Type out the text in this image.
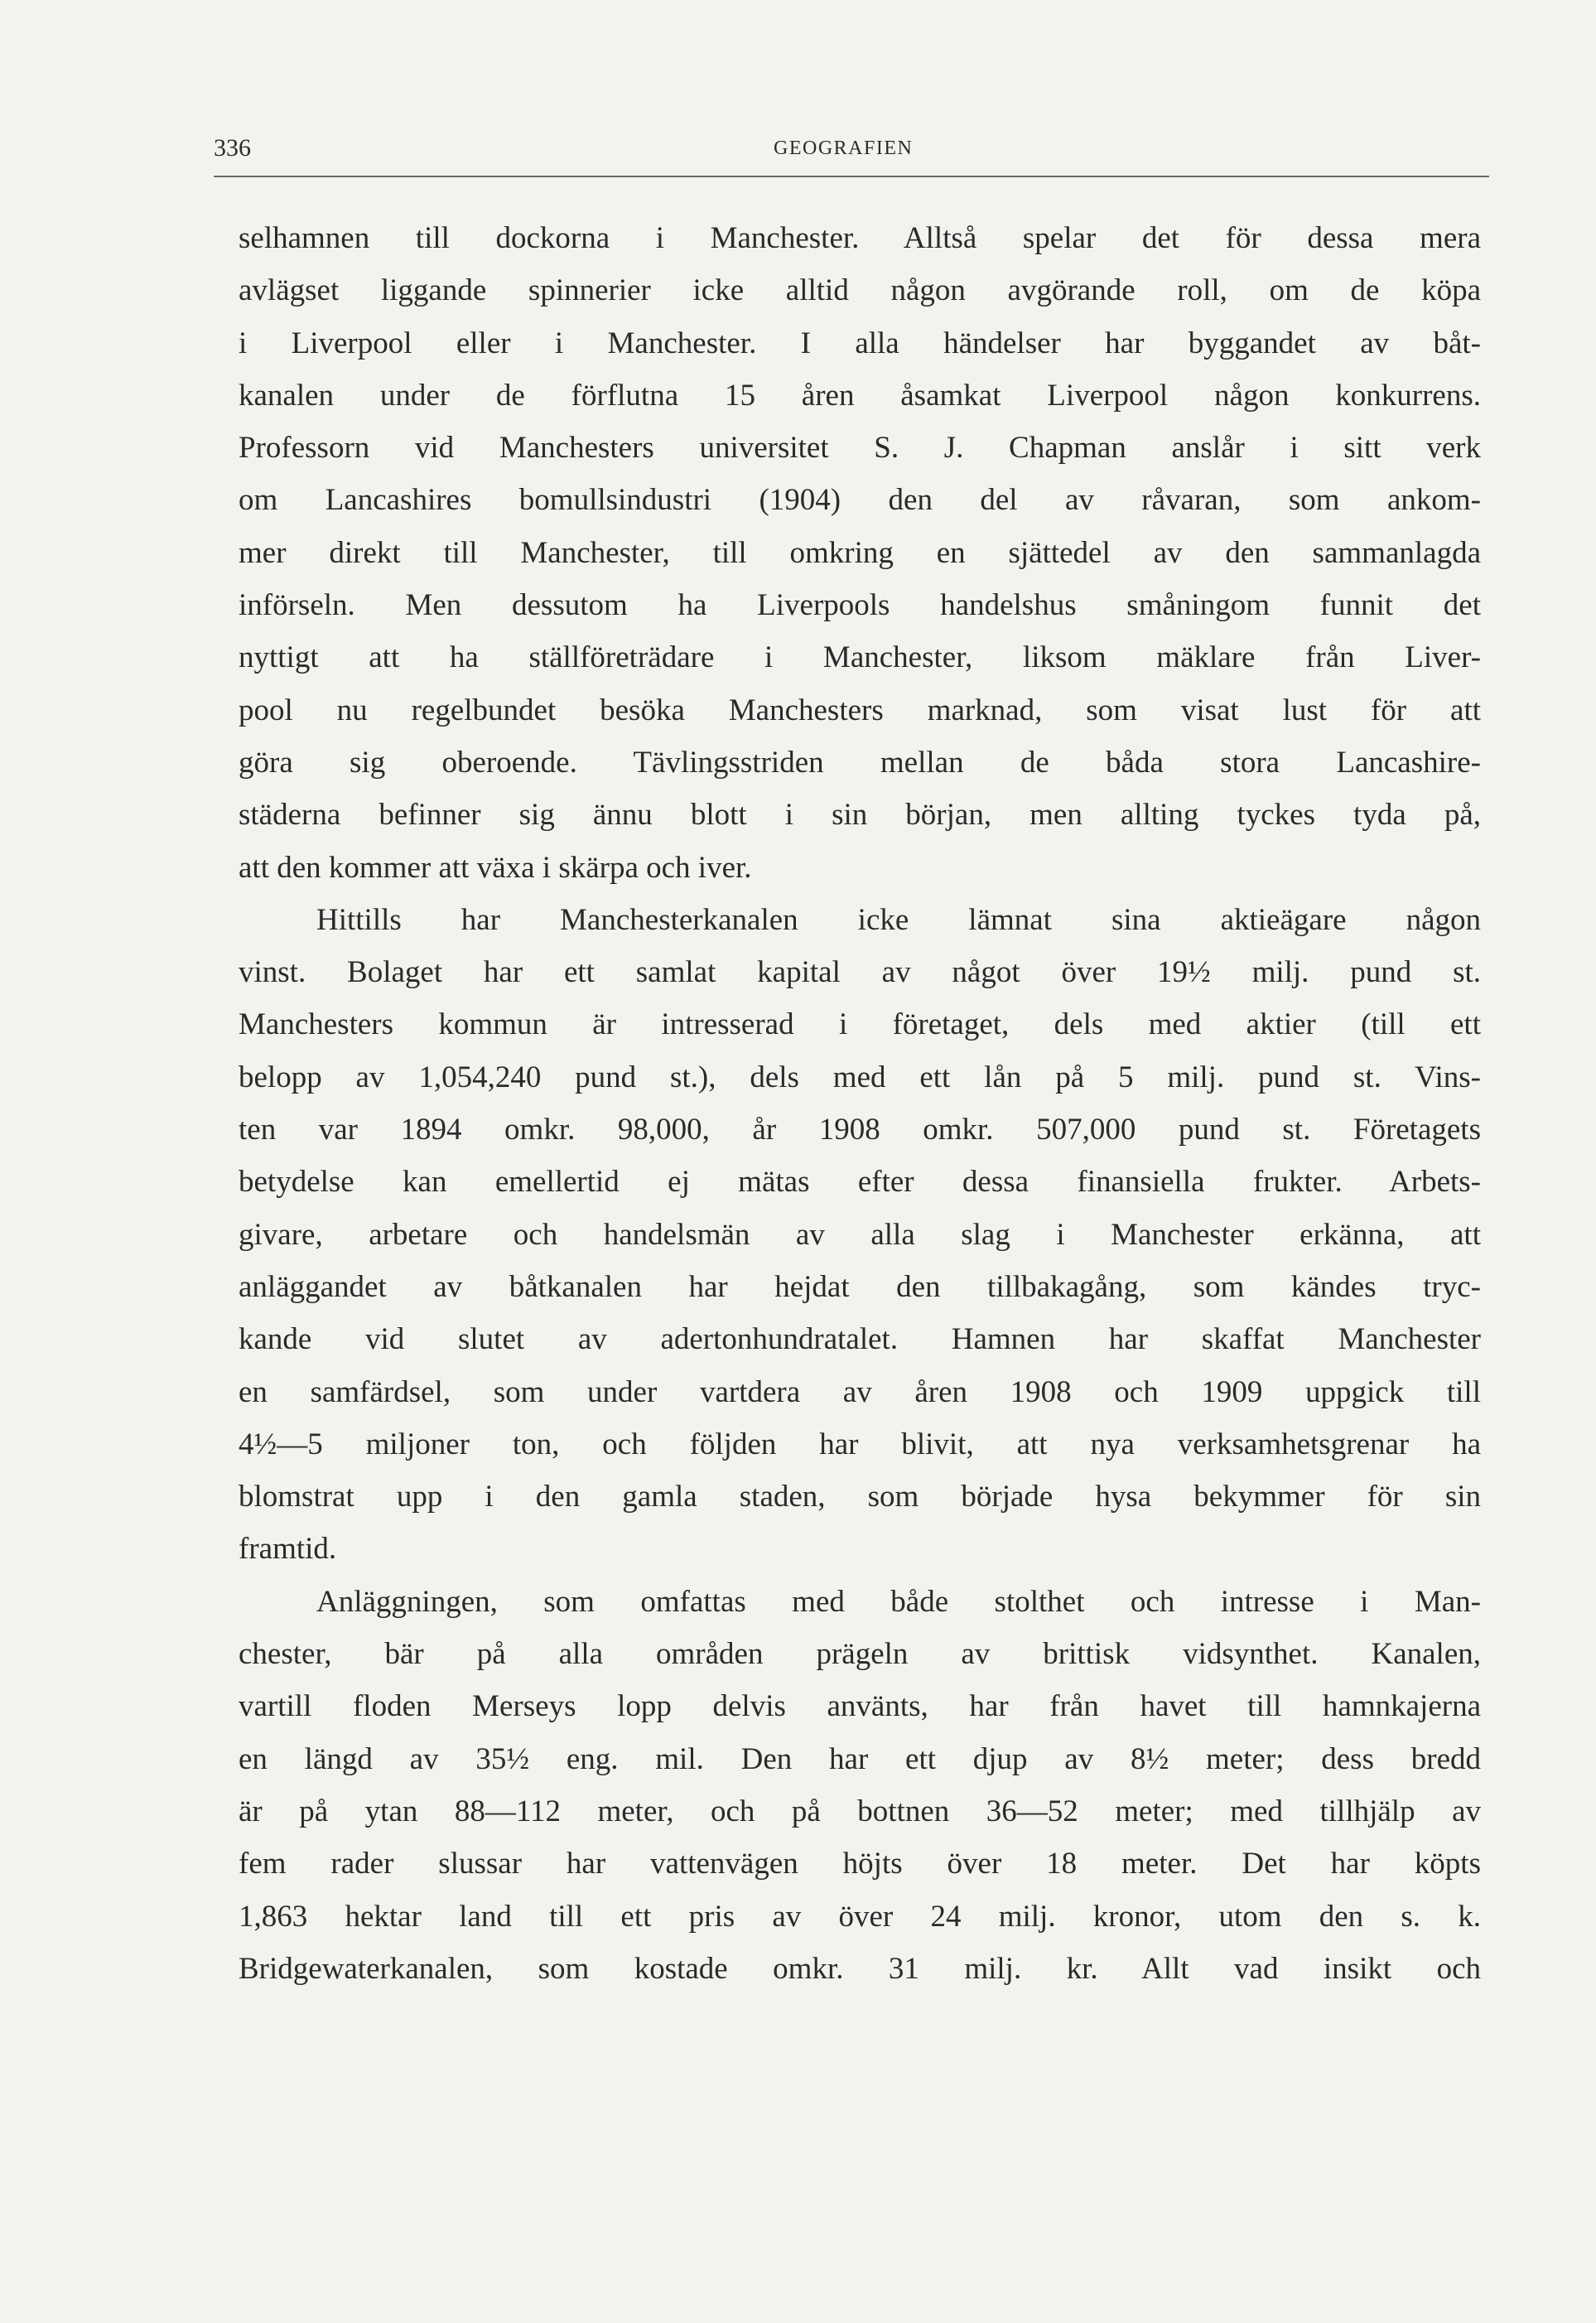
336	GEOGRAFIEN
selhamnen till dockorna i Manchester. Alltså spelar det för dessa mera
avlägset liggande spinnerier icke alltid någon avgörande roll, om de köpa
i Liverpool eller i Manchester. I alla händelser har byggandet av båt-
kanalen under de förflutna 15 åren åsamkat Liverpool någon konkurrens.
Professorn vid Manchesters universitet S. J. Chapman anslår i sitt verk
om Lancashires bomullsindustri (1904) den del av råvaran, som ankom-
mer direkt till Manchester, till omkring en sjättedel av den sammanlagda
införseln. Men dessutom ha Liverpools handelshus småningom funnit det
nyttigt att ha ställföreträdare i Manchester, liksom mäklare från Liver-
pool nu regelbundet besöka Manchesters marknad, som visat lust för att
göra sig oberoende. Tävlingsstriden mellan de båda stora Lancashire-
städerna befinner sig ännu blott i sin början, men allting tyckes tyda på,
att den kommer att växa i skärpa och iver.
Hittills har Manchesterkanalen icke lämnat sina aktieägare någon
vinst. Bolaget har ett samlat kapital av något över 19½ milj. pund st.
Manchesters kommun är intresserad i företaget, dels med aktier (till ett
belopp av 1,054,240 pund st.), dels med ett lån på 5 milj. pund st. Vins-
ten var 1894 omkr. 98,000, år 1908 omkr. 507,000 pund st. Företagets
betydelse kan emellertid ej mätas efter dessa finansiella frukter. Arbets-
givare, arbetare och handelsmän av alla slag i Manchester erkänna, att
anläggandet av båtkanalen har hejdat den tillbakagång, som kändes tryc-
kande vid slutet av adertonhundratalet. Hamnen har skaffat Manchester
en samfärdsel, som under vartdera av åren 1908 och 1909 uppgick till
4½—5 miljoner ton, och följden har blivit, att nya verksamhetsgrenar ha
blomstrat upp i den gamla staden, som började hysa bekymmer för sin
framtid.
Anläggningen, som omfattas med både stolthet och intresse i Man-
chester, bär på alla områden prägeln av brittisk vidsynthet. Kanalen,
vartill floden Merseys lopp delvis använts, har från havet till hamnkajerna
en längd av 35½ eng. mil. Den har ett djup av 8½ meter; dess bredd
är på ytan 88—112 meter, och på bottnen 36—52 meter; med tillhjälp av
fem rader slussar har vattenvägen höjts över 18 meter. Det har köpts
1,863 hektar land till ett pris av över 24 milj. kronor, utom den s. k.
Bridgewaterkanalen, som kostade omkr. 31 milj. kr. Allt vad insikt och
